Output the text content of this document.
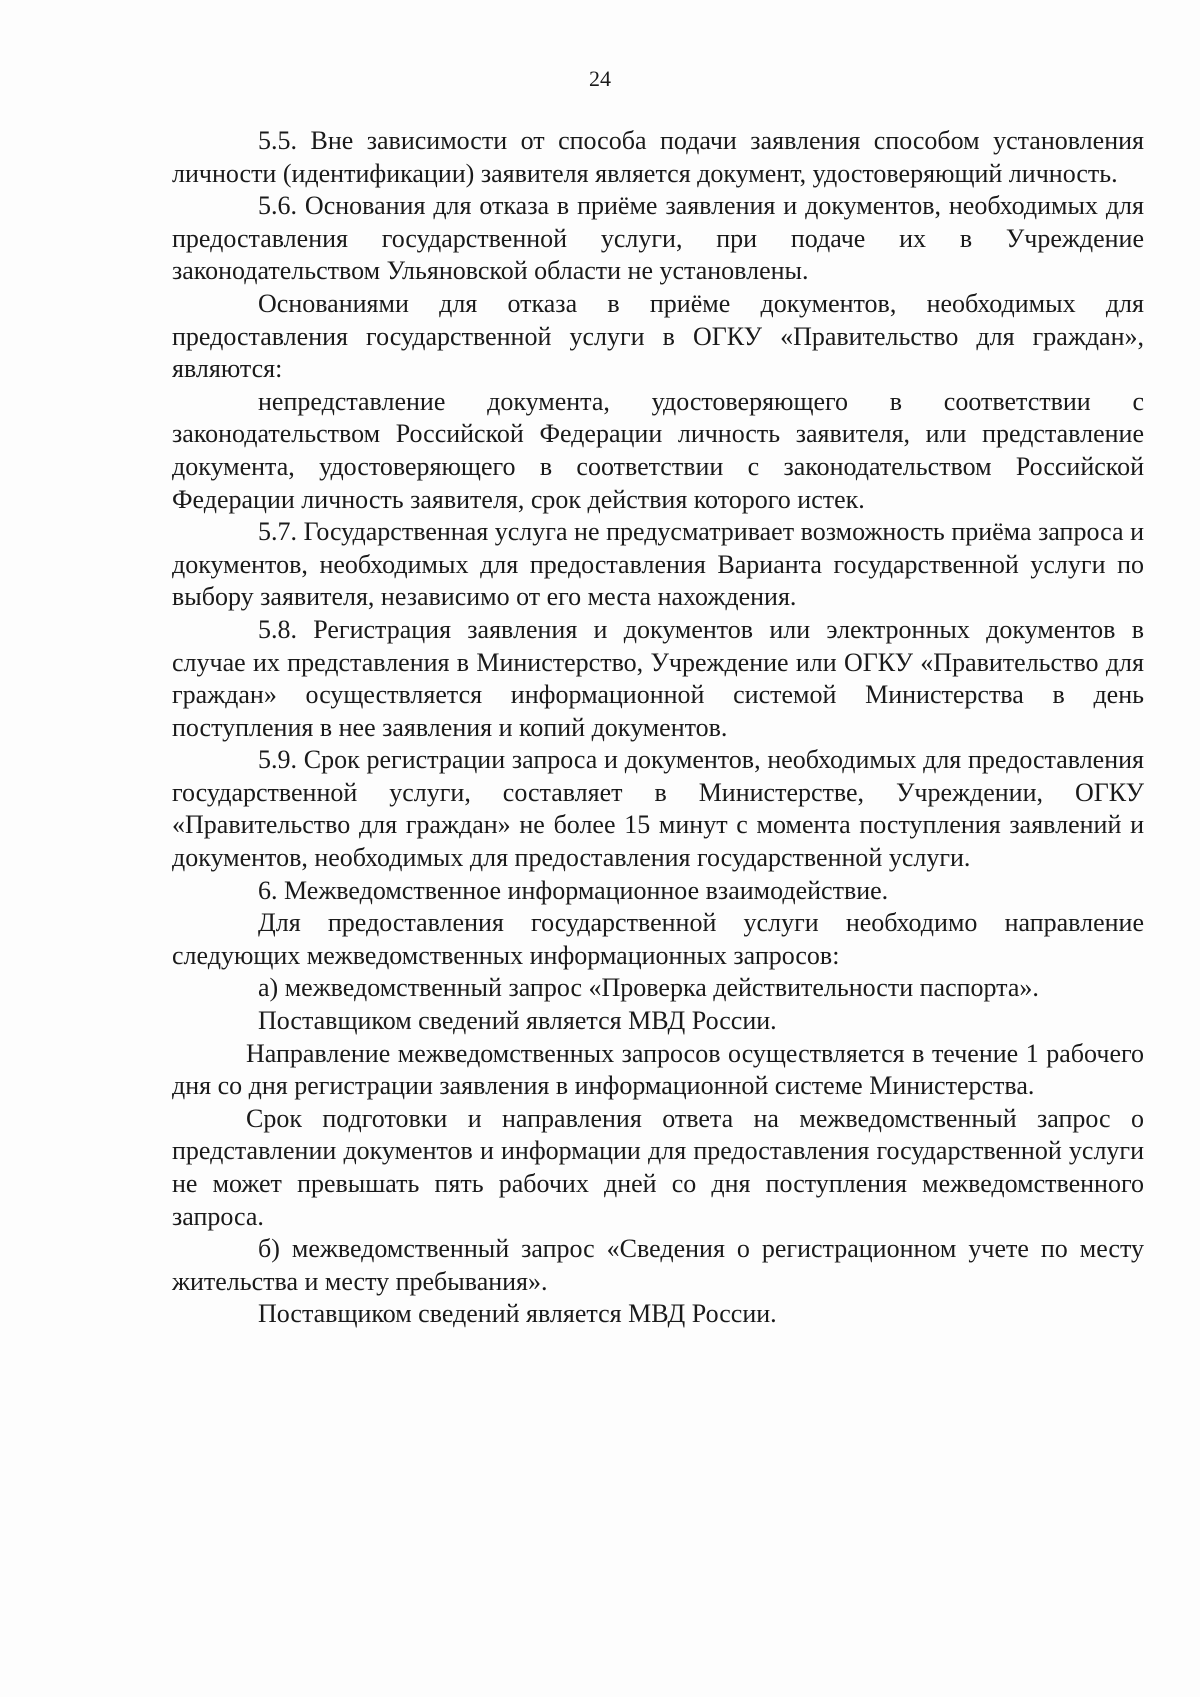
24

5.5. Вне зависимости от способа подачи заявления способом установления личности (идентификации) заявителя является документ, удостоверяющий личность.

5.6. Основания для отказа в приёме заявления и документов, необходимых для предоставления государственной услуги, при подаче их в Учреждение законодательством Ульяновской области не установлены.

Основаниями для отказа в приёме документов, необходимых для предоставления государственной услуги в ОГКУ «Правительство для граждан», являются:

непредставление документа, удостоверяющего в соответствии с законодательством Российской Федерации личность заявителя, или представление документа, удостоверяющего в соответствии с законодательством Российской Федерации личность заявителя, срок действия которого истек.

5.7. Государственная услуга не предусматривает возможность приёма запроса и документов, необходимых для предоставления Варианта государственной услуги по выбору заявителя, независимо от его места нахождения.

5.8. Регистрация заявления и документов или электронных документов в случае их представления в Министерство, Учреждение или ОГКУ «Правительство для граждан» осуществляется информационной системой Министерства в день поступления в нее заявления и копий документов.

5.9. Срок регистрации запроса и документов, необходимых для предоставления государственной услуги, составляет в Министерстве, Учреждении, ОГКУ «Правительство для граждан» не более 15 минут с момента поступления заявлений и документов, необходимых для предоставления государственной услуги.

6. Межведомственное информационное взаимодействие.

Для предоставления государственной услуги необходимо направление следующих межведомственных информационных запросов:

а) межведомственный запрос «Проверка действительности паспорта».

Поставщиком сведений является МВД России.

Направление межведомственных запросов осуществляется в течение 1 рабочего дня со дня регистрации заявления в информационной системе Министерства.

Срок подготовки и направления ответа на межведомственный запрос о представлении документов и информации для предоставления государственной услуги не может превышать пять рабочих дней со дня поступления межведомственного запроса.

б) межведомственный запрос «Сведения о регистрационном учете по месту жительства и месту пребывания».

Поставщиком сведений является МВД России.
